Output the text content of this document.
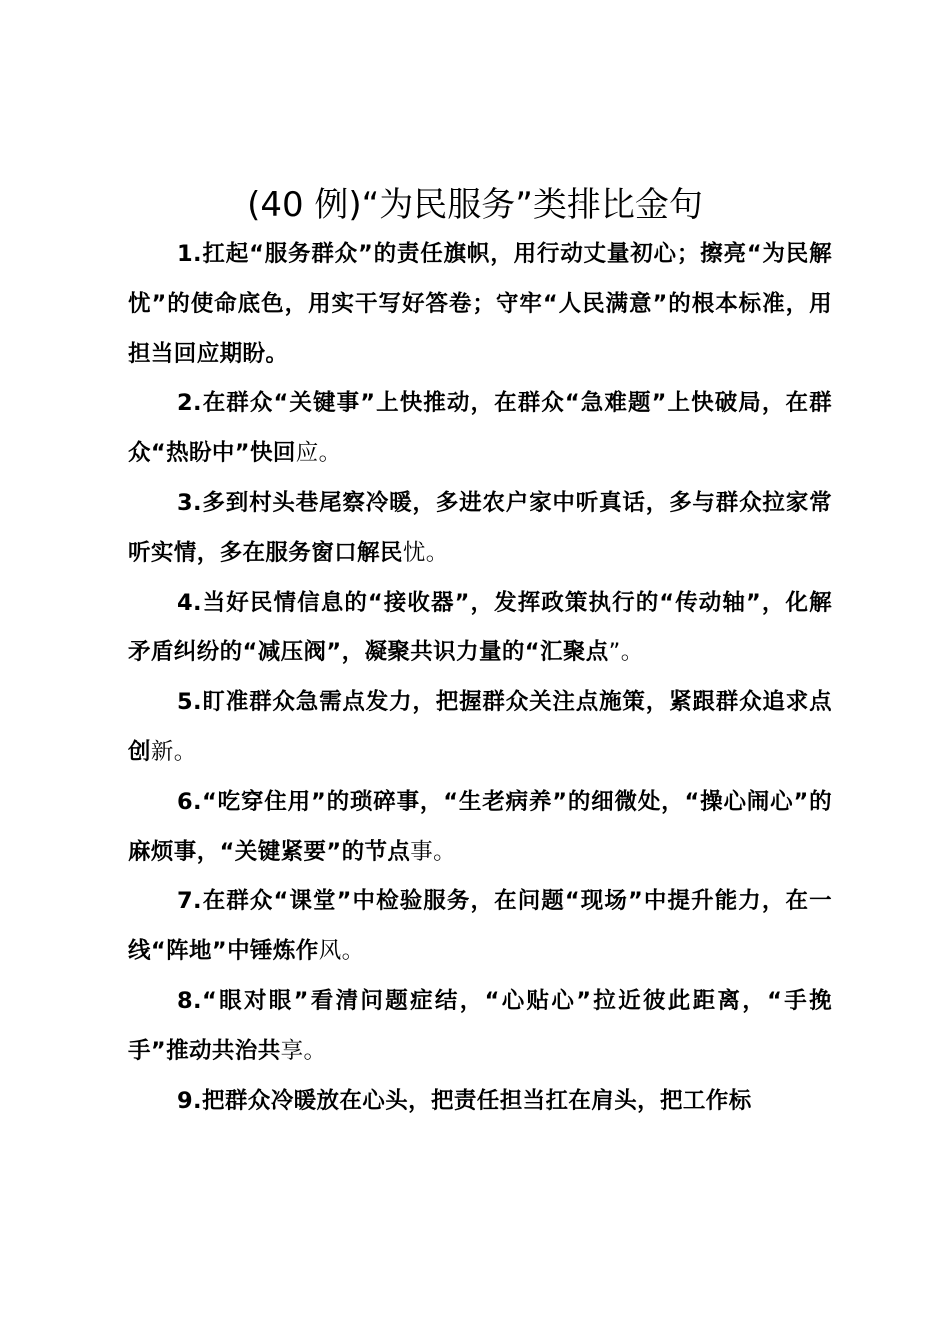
(40 例)“为民服务”类排比金句

1.扛起“服务群众”的责任旗帜，用行动丈量初心；擦亮“为民解忧”的使命底色，用实干写好答卷；守牢“人民满意”的根本标准，用担当回应期盼。

2.在群众“关键事”上快推动，在群众“急难题”上快破局，在群众“热盼中”快回应。

3.多到村头巷尾察冷暖，多进农户家中听真话，多与群众拉家常听实情，多在服务窗口解民忧。

4.当好民情信息的“接收器”，发挥政策执行的“传动轴”，化解矛盾纠纷的“减压阀”，凝聚共识力量的“汇聚点”。

5.盯准群众急需点发力，把握群众关注点施策，紧跟群众追求点创新。

6.“吃穿住用”的琐碎事，“生老病养”的细微处，“操心闹心”的麻烦事，“关键紧要”的节点事。

7.在群众“课堂”中检验服务，在问题“现场”中提升能力，在一线“阵地”中锤炼作风。

8.“眼对眼”看清问题症结，“心贴心”拉近彼此距离，“手挽手”推动共治共享。

9.把群众冷暖放在心头，把责任担当扛在肩头，把工作标
